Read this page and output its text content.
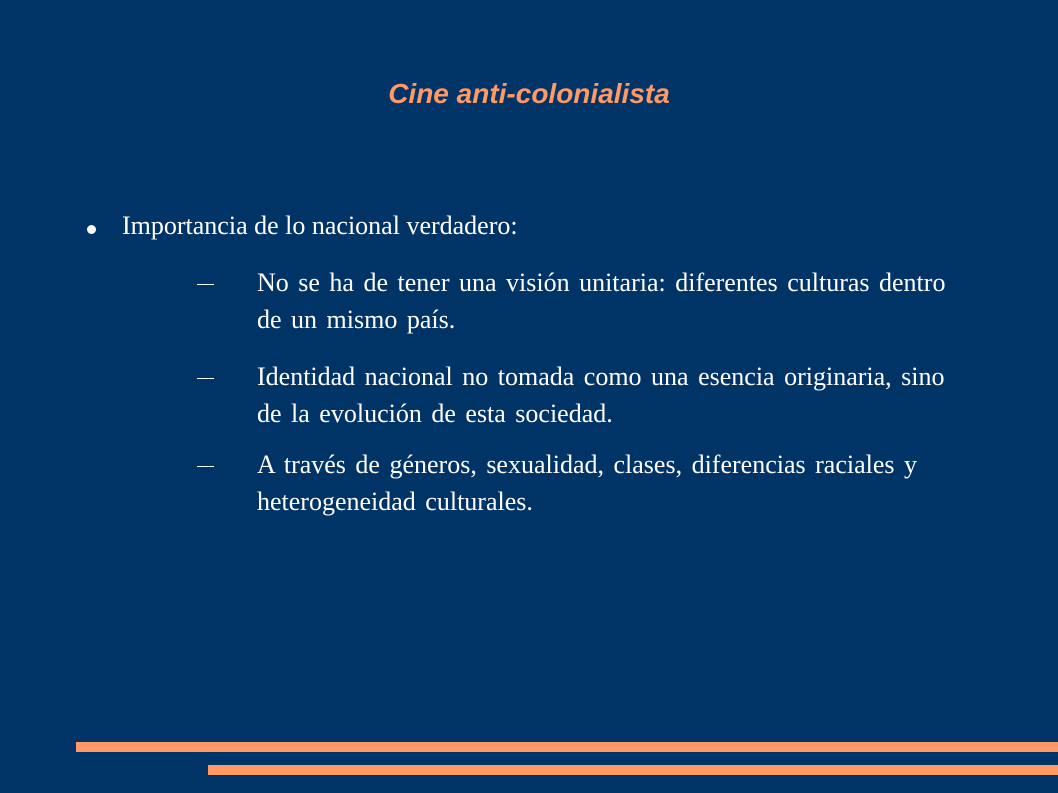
Cine anti-colonialista

Importancia de lo nacional verdadero:

No se ha de tener una visión unitaria: diferentes culturas dentro de un mismo país.

Identidad nacional no tomada como una esencia originaria, sino de la evolución de esta sociedad.

A través de géneros, sexualidad, clases, diferencias raciales y heterogeneidad culturales.
